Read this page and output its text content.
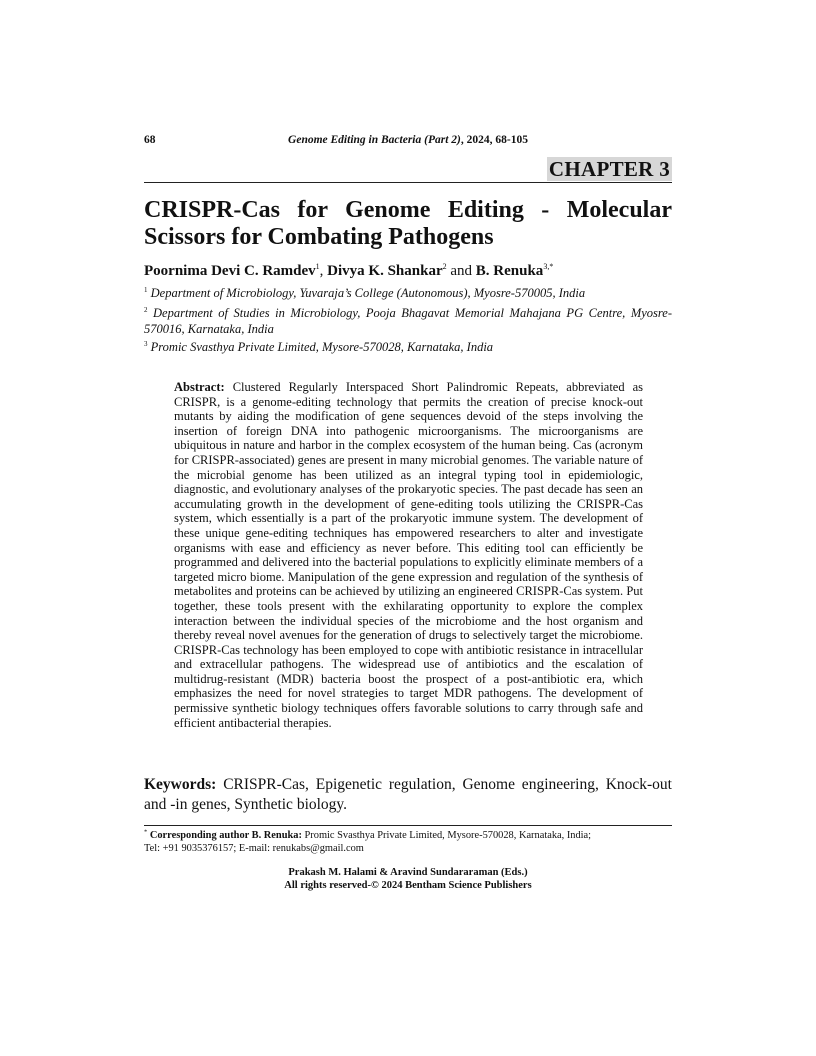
68	Genome Editing in Bacteria (Part 2), 2024, 68-105
CHAPTER 3
CRISPR-Cas for Genome Editing - Molecular Scissors for Combating Pathogens
Poornima Devi C. Ramdev$^1$, Divya K. Shankar$^2$ and B. Renuka$^{3,*}$
$^1$ Department of Microbiology, Yuvaraja’s College (Autonomous), Myosre-570005, India
$^2$ Department of Studies in Microbiology, Pooja Bhagavat Memorial Mahajana PG Centre, Myosre-570016, Karnataka, India
$^3$ Promic Svasthya Private Limited, Mysore-570028, Karnataka, India

Abstract: Clustered Regularly Interspaced Short Palindromic Repeats, abbreviated as CRISPR, is a genome-editing technology that permits the creation of precise knock-out mutants by aiding the modification of gene sequences devoid of the steps involving the insertion of foreign DNA into pathogenic microorganisms. The microorganisms are ubiquitous in nature and harbor in the complex ecosystem of the human being. Cas (acronym for CRISPR-associated) genes are present in many microbial genomes. The variable nature of the microbial genome has been utilized as an integral typing tool in epidemiologic, diagnostic, and evolutionary analyses of the prokaryotic species. The past decade has seen an accumulating growth in the development of gene-editing tools utilizing the CRISPR-Cas system, which essentially is a part of the prokaryotic immune system. The development of these unique gene-editing techniques has empowered researchers to alter and investigate organisms with ease and efficiency as never before. This editing tool can efficiently be programmed and delivered into the bacterial populations to explicitly eliminate members of a targeted micro biome. Manipulation of the gene expression and regulation of the synthesis of metabolites and proteins can be achieved by utilizing an engineered CRISPR-Cas system. Put together, these tools present with the exhilarating opportunity to explore the complex interaction between the individual species of the microbiome and the host organism and thereby reveal novel avenues for the generation of drugs to selectively target the microbiome. CRISPR-Cas technology has been employed to cope with antibiotic resistance in intracellular and extracellular pathogens. The widespread use of antibiotics and the escalation of multidrug-resistant (MDR) bacteria boost the prospect of a post-antibiotic era, which emphasizes the need for novel strategies to target MDR pathogens. The development of permissive synthetic biology techniques offers favorable solutions to carry through safe and efficient antibacterial therapies.

Keywords: CRISPR-Cas, Epigenetic regulation, Genome engineering, Knock-out and -in genes, Synthetic biology.

* Corresponding author B. Renuka: Promic Svasthya Private Limited, Mysore-570028, Karnataka, India;
Tel: +91 9035376157; E-mail: renukabs@gmail.com
Prakash M. Halami & Aravind Sundararaman (Eds.)
All rights reserved-© 2024 Bentham Science Publishers
